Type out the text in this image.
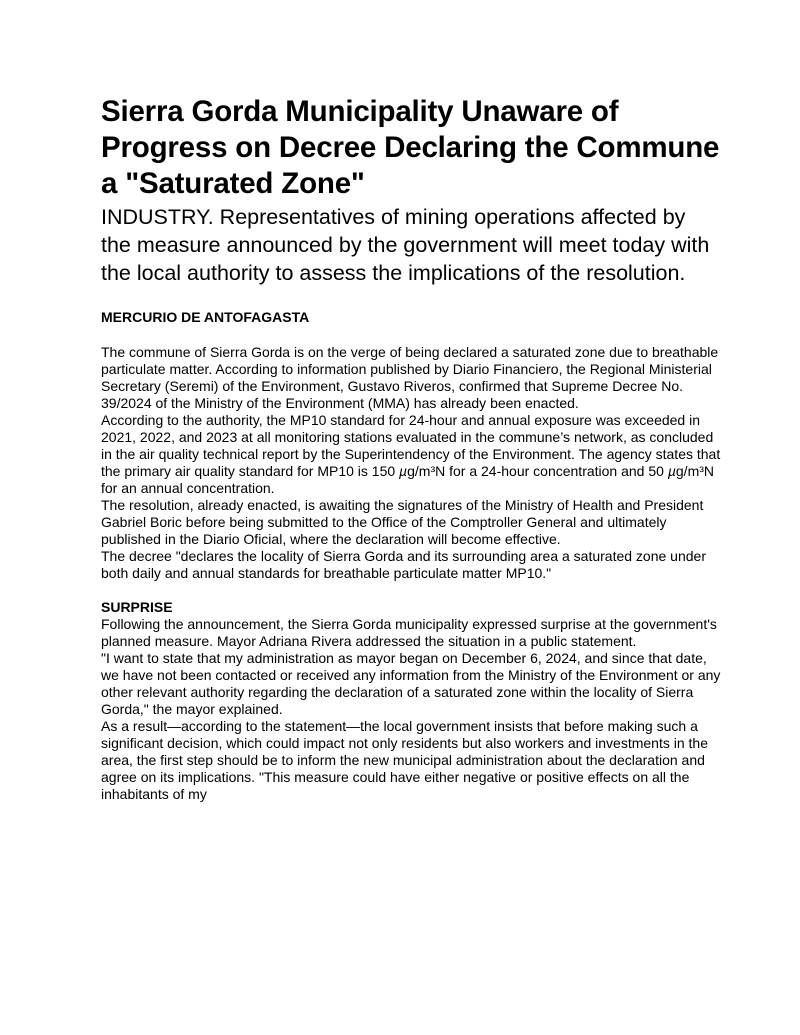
Sierra Gorda Municipality Unaware of Progress on Decree Declaring the Commune a "Saturated Zone"

INDUSTRY. Representatives of mining operations affected by the measure announced by the government will meet today with the local authority to assess the implications of the resolution.

MERCURIO DE ANTOFAGASTA

The commune of Sierra Gorda is on the verge of being declared a saturated zone due to breathable particulate matter. According to information published by Diario Financiero, the Regional Ministerial Secretary (Seremi) of the Environment, Gustavo Riveros, confirmed that Supreme Decree No. 39/2024 of the Ministry of the Environment (MMA) has already been enacted.

According to the authority, the MP10 standard for 24-hour and annual exposure was exceeded in 2021, 2022, and 2023 at all monitoring stations evaluated in the commune’s network, as concluded in the air quality technical report by the Superintendency of the Environment. The agency states that the primary air quality standard for MP10 is 150 µg/m³N for a 24-hour concentration and 50 µg/m³N for an annual concentration.

The resolution, already enacted, is awaiting the signatures of the Ministry of Health and President Gabriel Boric before being submitted to the Office of the Comptroller General and ultimately published in the Diario Oficial, where the declaration will become effective.

The decree "declares the locality of Sierra Gorda and its surrounding area a saturated zone under both daily and annual standards for breathable particulate matter MP10."

SURPRISE

Following the announcement, the Sierra Gorda municipality expressed surprise at the government's planned measure. Mayor Adriana Rivera addressed the situation in a public statement.

"I want to state that my administration as mayor began on December 6, 2024, and since that date, we have not been contacted or received any information from the Ministry of the Environment or any other relevant authority regarding the declaration of a saturated zone within the locality of Sierra Gorda," the mayor explained.

As a result—according to the statement—the local government insists that before making such a significant decision, which could impact not only residents but also workers and investments in the area, the first step should be to inform the new municipal administration about the declaration and agree on its implications. "This measure could have either negative or positive effects on all the inhabitants of my
